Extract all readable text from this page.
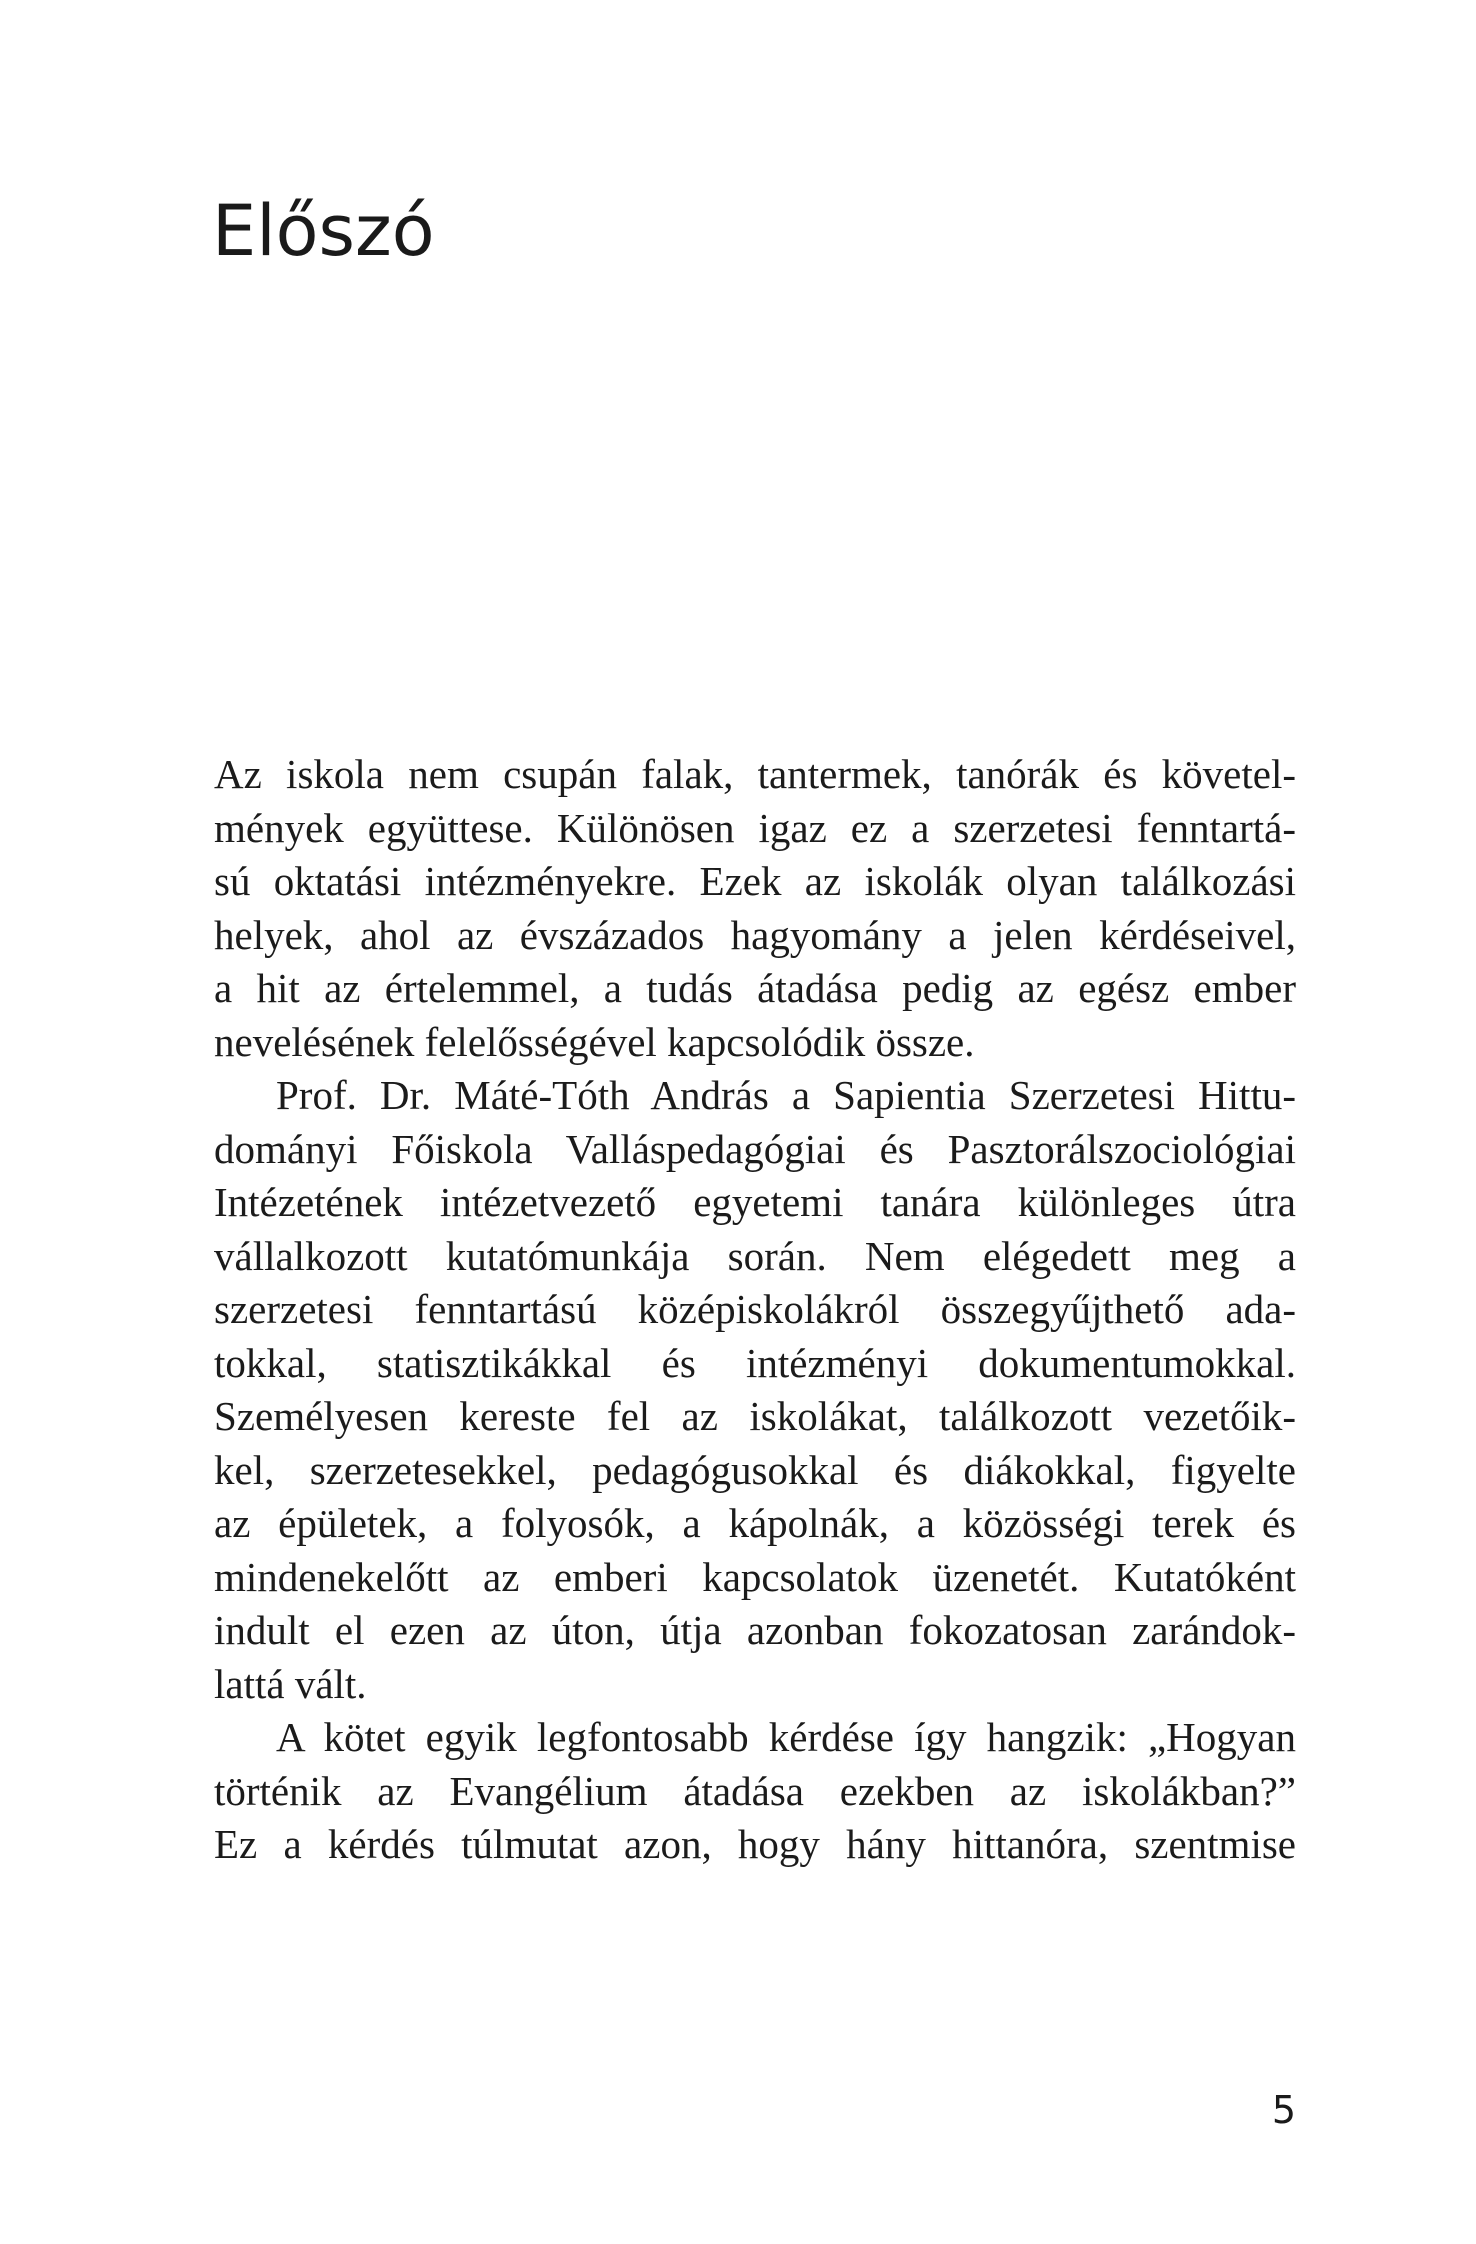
Előszó

Az iskola nem csupán falak, tantermek, tanórák és követel-
mények együttese. Különösen igaz ez a szerzetesi fenntartá-
sú oktatási intézményekre. Ezek az iskolák olyan találkozási
helyek, ahol az évszázados hagyomány a jelen kérdéseivel,
a hit az értelemmel, a tudás átadása pedig az egész ember
nevelésének felelősségével kapcsolódik össze.

Prof. Dr. Máté-Tóth András a Sapientia Szerzetesi Hittu-
dományi Főiskola Valláspedagógiai és Pasztorálszociológiai
Intézetének intézetvezető egyetemi tanára különleges útra
vállalkozott kutatómunkája során. Nem elégedett meg a
szerzetesi fenntartású középiskolákról összegyűjthető ada-
tokkal, statisztikákkal és intézményi dokumentumokkal.
Személyesen kereste fel az iskolákat, találkozott vezetőik-
kel, szerzetesekkel, pedagógusokkal és diákokkal, figyelte
az épületek, a folyosók, a kápolnák, a közösségi terek és
mindenekelőtt az emberi kapcsolatok üzenetét. Kutatóként
indult el ezen az úton, útja azonban fokozatosan zarándok-
lattá vált.

A kötet egyik legfontosabb kérdése így hangzik: „Hogyan
történik az Evangélium átadása ezekben az iskolákban?”
Ez a kérdés túlmutat azon, hogy hány hittanóra, szentmise

5
